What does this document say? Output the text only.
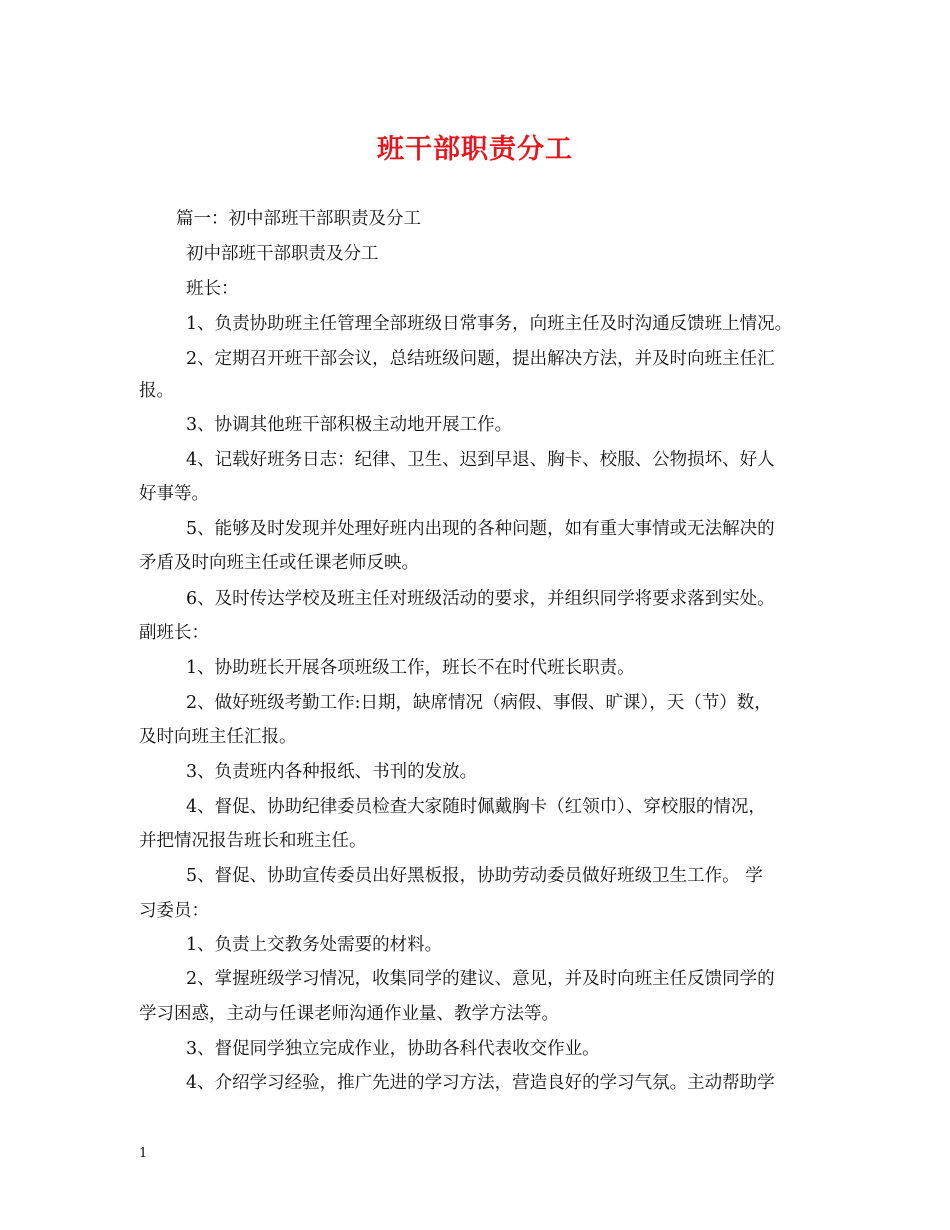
班干部职责分工
篇一：初中部班干部职责及分工
初中部班干部职责及分工
班长：
1、负责协助班主任管理全部班级日常事务，向班主任及时沟通反馈班上情况。
2、定期召开班干部会议，总结班级问题，提出解决方法，并及时向班主任汇
报。
3、协调其他班干部积极主动地开展工作。
4、记载好班务日志：纪律、卫生、迟到早退、胸卡、校服、公物损坏、好人
好事等。
5、能够及时发现并处理好班内出现的各种问题，如有重大事情或无法解决的
矛盾及时向班主任或任课老师反映。
6、及时传达学校及班主任对班级活动的要求，并组织同学将要求落到实处。
副班长：
1、协助班长开展各项班级工作，班长不在时代班长职责。
2、做好班级考勤工作:日期，缺席情况（病假、事假、旷课），天（节）数，
及时向班主任汇报。
3、负责班内各种报纸、书刊的发放。
4、督促、协助纪律委员检查大家随时佩戴胸卡（红领巾）、穿校服的情况，
并把情况报告班长和班主任。
5、督促、协助宣传委员出好黑板报，协助劳动委员做好班级卫生工作。 学
习委员：
1、负责上交教务处需要的材料。
2、掌握班级学习情况，收集同学的建议、意见，并及时向班主任反馈同学的
学习困惑，主动与任课老师沟通作业量、教学方法等。
3、督促同学独立完成作业，协助各科代表收交作业。
4、介绍学习经验，推广先进的学习方法，营造良好的学习气氛。主动帮助学
1
